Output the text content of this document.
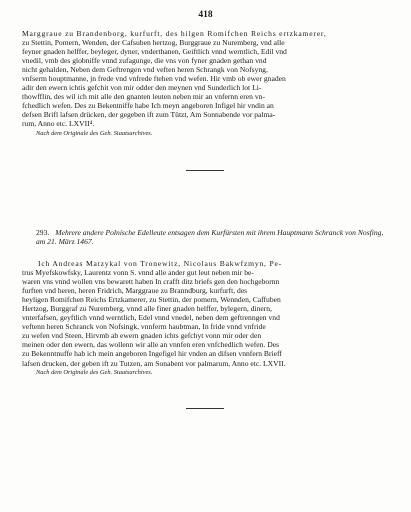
418

Marggraue zu Brandenborg, kurfurft, des hilgen Romifchen Reichs ertzkamerer,

zu Stettin, Pomern, Wenden, der Cafsuben hertzog, Burggraue zu Nuremberg, vnd alle

feyner gnaden helffer, beyleger, dyner, vnderthanen, Geiftlich vnnd werntlich, Edil vnd

vnedil, vmb des globniffe vnnd zufagunge, die vns von fyner gnaden gethan vnd

nicht gehalden, Neben dem Geftrengen vnd veften heren Schrangk von Nofsyng,

vnfserm houptmanne, jn frede vnd vnfrede ftehen vnd wefen. Hir vmb ob ewer gnaden

adir den ewern ichtis gefchit von mir odder den meynen vnd Sunderlich lot Li-

thowfflin, des wil ich mit alle den gnanten leuten neben mir an vnfernn eren vn-

fchedlich wefen. Des zu Bekentniffe habe Ich meyn angeboren Infigel hir vndin an

defsen Brifl lafsen drücken, der gegeben ift zum Tützt, Am Sonnabende vor palma-

rum, Anno etc. LXVII⁴.

Nach dem Originale des Geh. Staatsarchives.

293. Mehrere andere Polnische Edelleute entsagen dem Kurfürsten mit ihrem Hauptmann Schranck von Nosfing, am 21. März 1467.

Ich Andreas Matzykal von Tronewitz, Nicolaus Bakwfzmyn, Pe-

trus Myefskowfsky, Laurentz vonn S. vnnd alle ander gut leut neben mir be-

waren vns vnnd wollen vns bewarett haben In crafft ditz briefs gen den hochgebornn

furften vnd heren, heren Fridrich, Marggraue zu Branndburg, kurfurft, des

heyligen Romifchen Reichs Ertzkamerer, zu Stettin, der pomern, Wennden, Caffuben

Hertzog, Burggraf zu Nuremberg, vnnd alle finer gnaden helffer, bylegern, dinern,

vnterfafsen, geyftlich vnnd werntlich, Edel vnnd vnedel, neben dem geftrenngen vnd

veftenn heren Schranck von Nofsingk, vnnferm haubtman, In fride vnnd vnfride

zu wefen vnd Steen. Hirvmb ab ewern gnaden ichts gefchyt vonn mir oder den

meinen oder den ewern, das wollenn wir alle an vnnfen eren vnfchedlich wefen. Des

zu Bekenntnuffe hab ich mein angeboren Ingefigel hir vnden an difsen vnnfern Brieff

lafsen drucken, der geben ift zu Tutzen, am Sonabent vor palmarum, Anno etc. LXVII.

Nach dem Originale des Geh. Staatsarchives.
